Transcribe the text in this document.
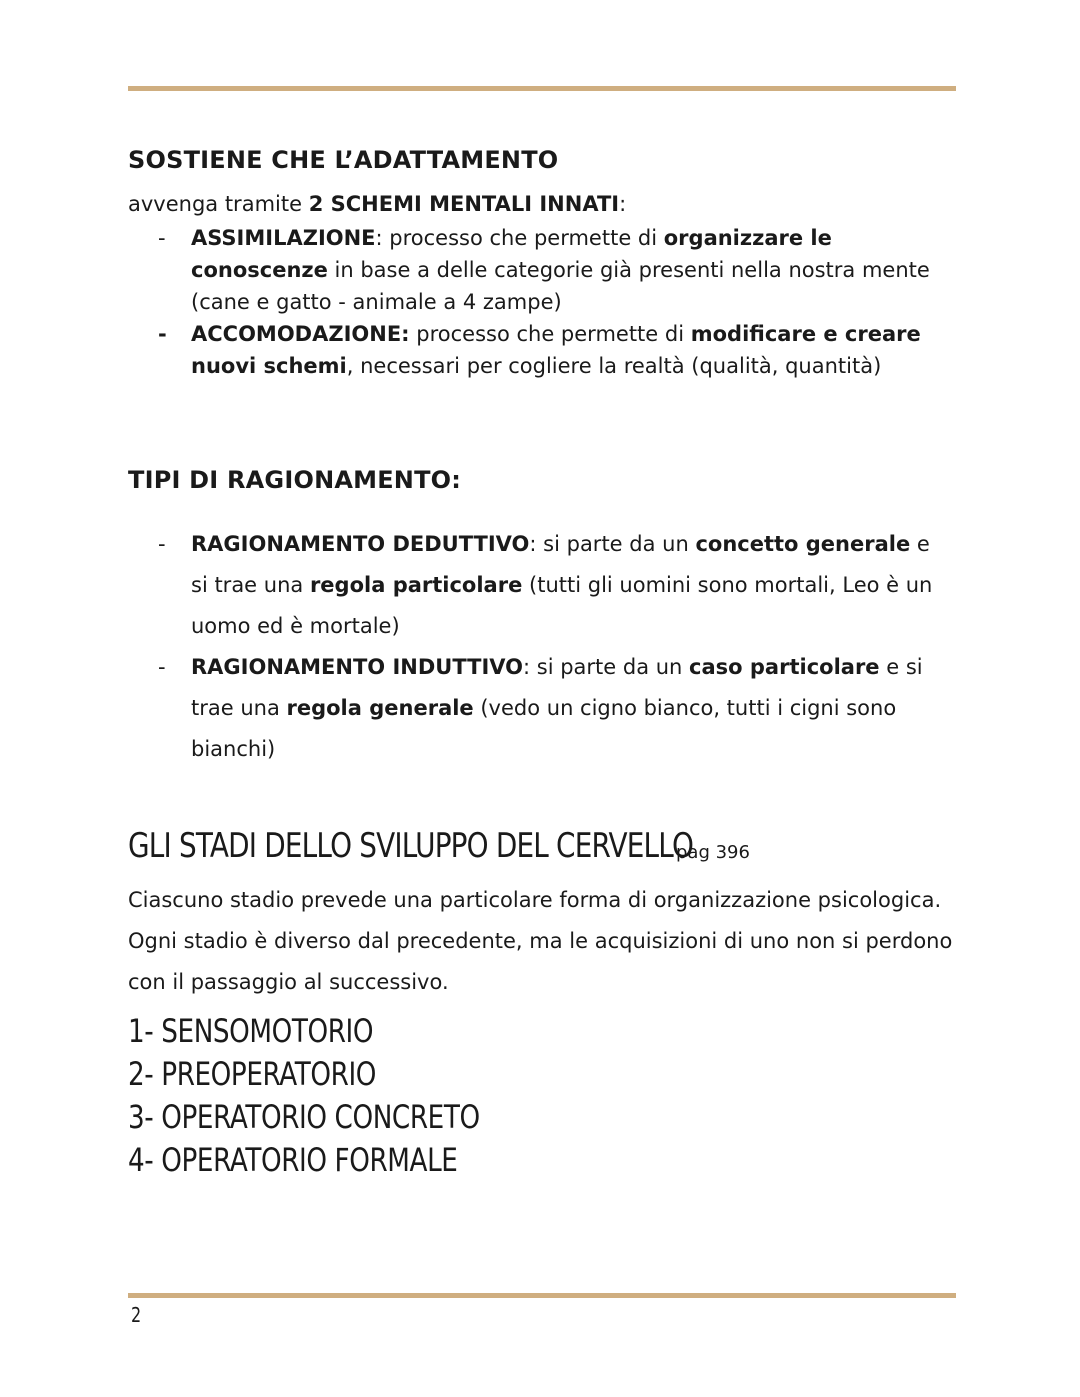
SOSTIENE CHE L’ADATTAMENTO
avvenga tramite 2 SCHEMI MENTALI INNATI:
- ASSIMILAZIONE: processo che permette di organizzare le conoscenze in base a delle categorie già presenti nella nostra mente (cane e gatto - animale a 4 zampe)
- ACCOMODAZIONE: processo che permette di modificare e creare nuovi schemi, necessari per cogliere la realtà (qualità, quantità)
TIPI DI RAGIONAMENTO:
- RAGIONAMENTO DEDUTTIVO: si parte da un concetto generale e si trae una regola particolare (tutti gli uomini sono mortali, Leo è un uomo ed è mortale)
- RAGIONAMENTO INDUTTIVO: si parte da un caso particolare e si trae una regola generale (vedo un cigno bianco, tutti i cigni sono bianchi)
GLI STADI DELLO SVILUPPO DEL CERVELLO
pag 396
Ciascuno stadio prevede una particolare forma di organizzazione psicologica. Ogni stadio è diverso dal precedente, ma le acquisizioni di uno non si perdono con il passaggio al successivo.
1- SENSOMOTORIO
2- PREOPERATORIO
3- OPERATORIO CONCRETO
4- OPERATORIO FORMALE
2
